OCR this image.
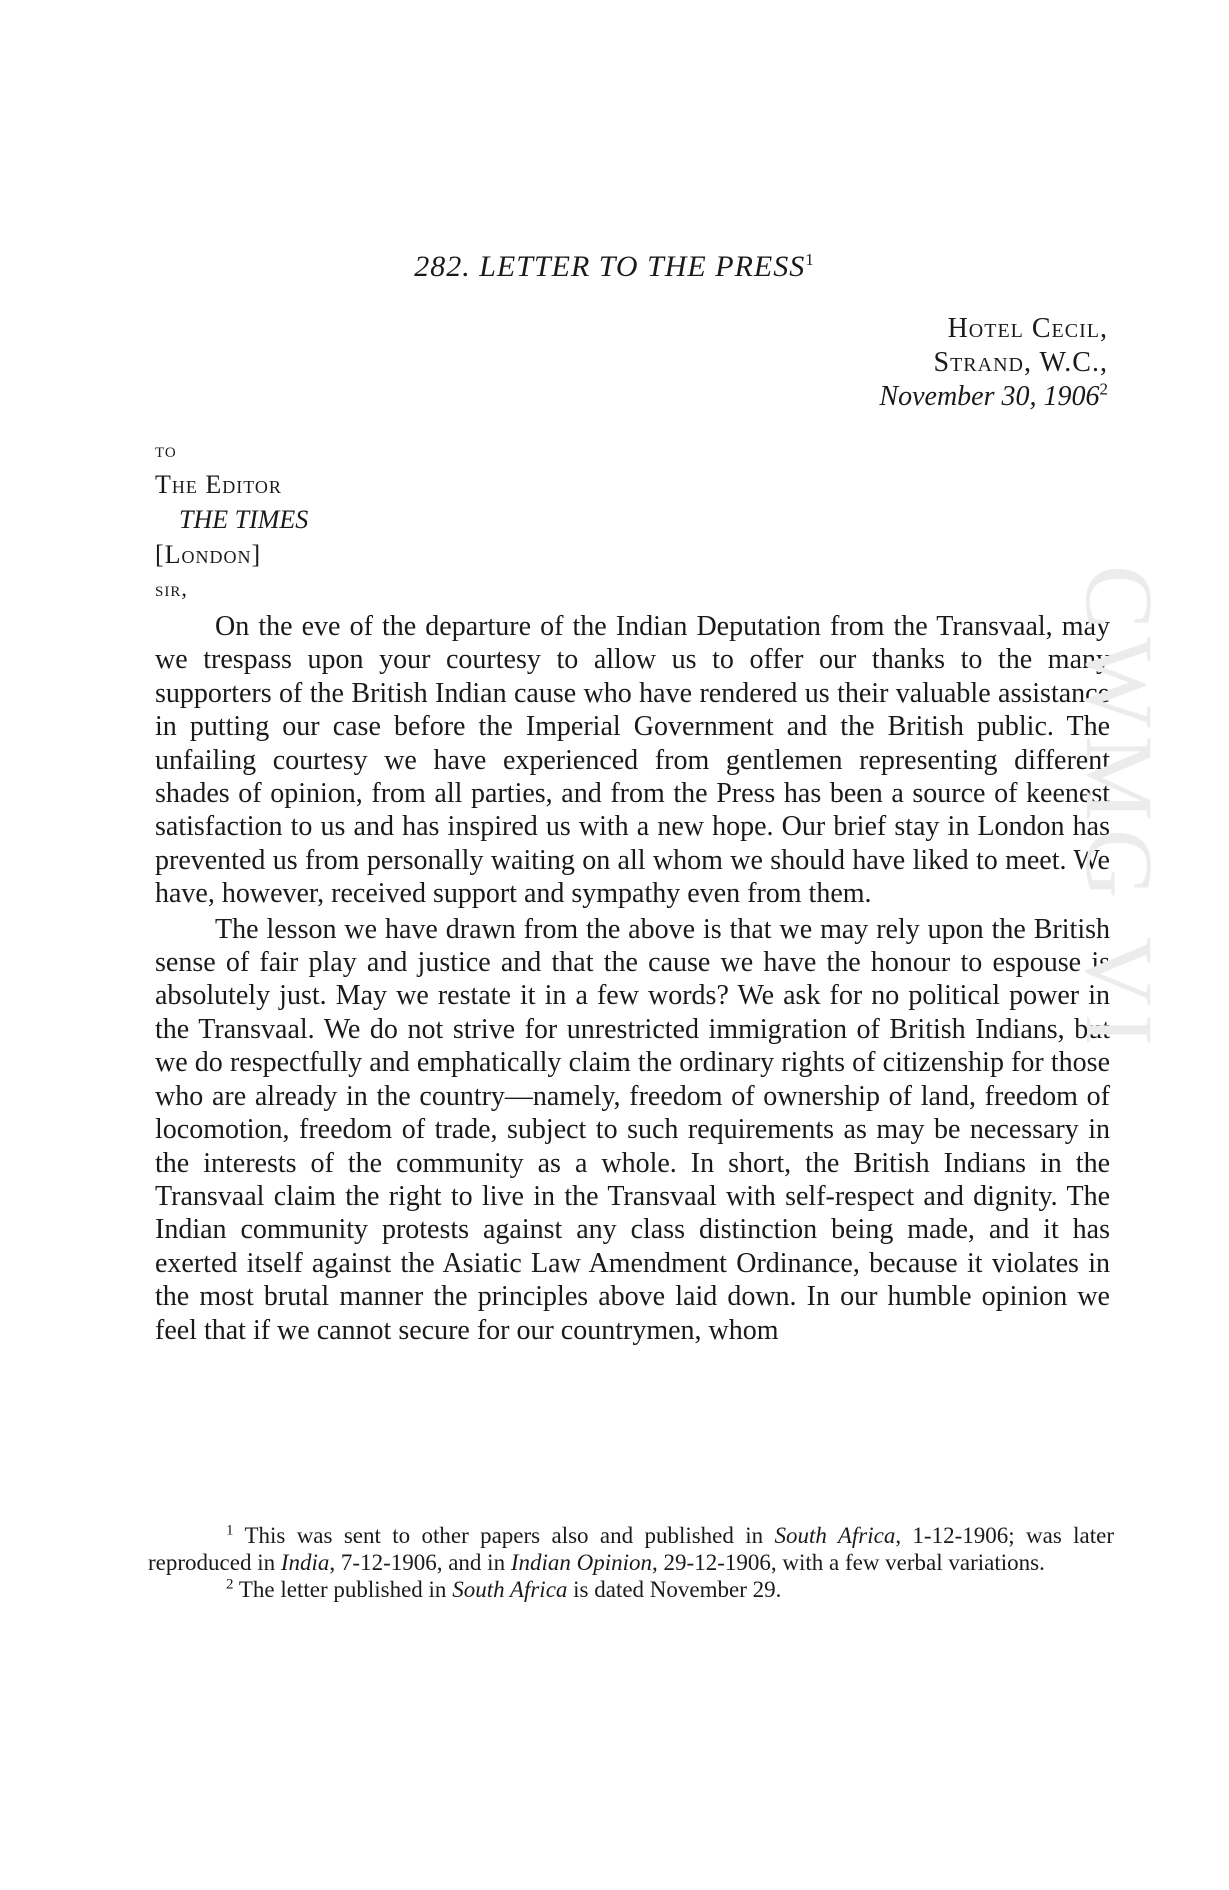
282. LETTER TO THE PRESS$^1$
Hotel Cecil,
Strand, W.C.,
November 30, 1906$^2$
to
The Editor
THE TIMES
[London]
sir,

On the eve of the departure of the Indian Deputation from the Transvaal, may we trespass upon your courtesy to allow us to offer our thanks to the many supporters of the British Indian cause who have rendered us their valuable assistance in putting our case before the Imperial Government and the British public. The unfailing courtesy we have experienced from gentlemen representing different shades of opinion, from all parties, and from the Press has been a source of keenest satisfaction to us and has inspired us with a new hope. Our brief stay in London has prevented us from personally waiting on all whom we should have liked to meet. We have, however, received support and sympathy even from them.

The lesson we have drawn from the above is that we may rely upon the British sense of fair play and justice and that the cause we have the honour to espouse is absolutely just. May we restate it in a few words? We ask for no political power in the Transvaal. We do not strive for unrestricted immigration of British Indians, but we do respectfully and emphatically claim the ordinary rights of citizenship for those who are already in the country—namely, freedom of ownership of land, freedom of locomotion, freedom of trade, subject to such requirements as may be necessary in the interests of the community as a whole. In short, the British Indians in the Transvaal claim the right to live in the Transvaal with self-respect and dignity. The Indian community protests against any class distinction being made, and it has exerted itself against the Asiatic Law Amendment Ordinance, because it violates in the most brutal manner the principles above laid down. In our humble opinion we feel that if we cannot secure for our countrymen, whom

$^1$ This was sent to other papers also and published in South Africa, 1-12-1906; was later reproduced in India, 7-12-1906, and in Indian Opinion, 29-12-1906, with a few verbal variations.

$^2$ The letter published in South Africa is dated November 29.

CWMG VI
